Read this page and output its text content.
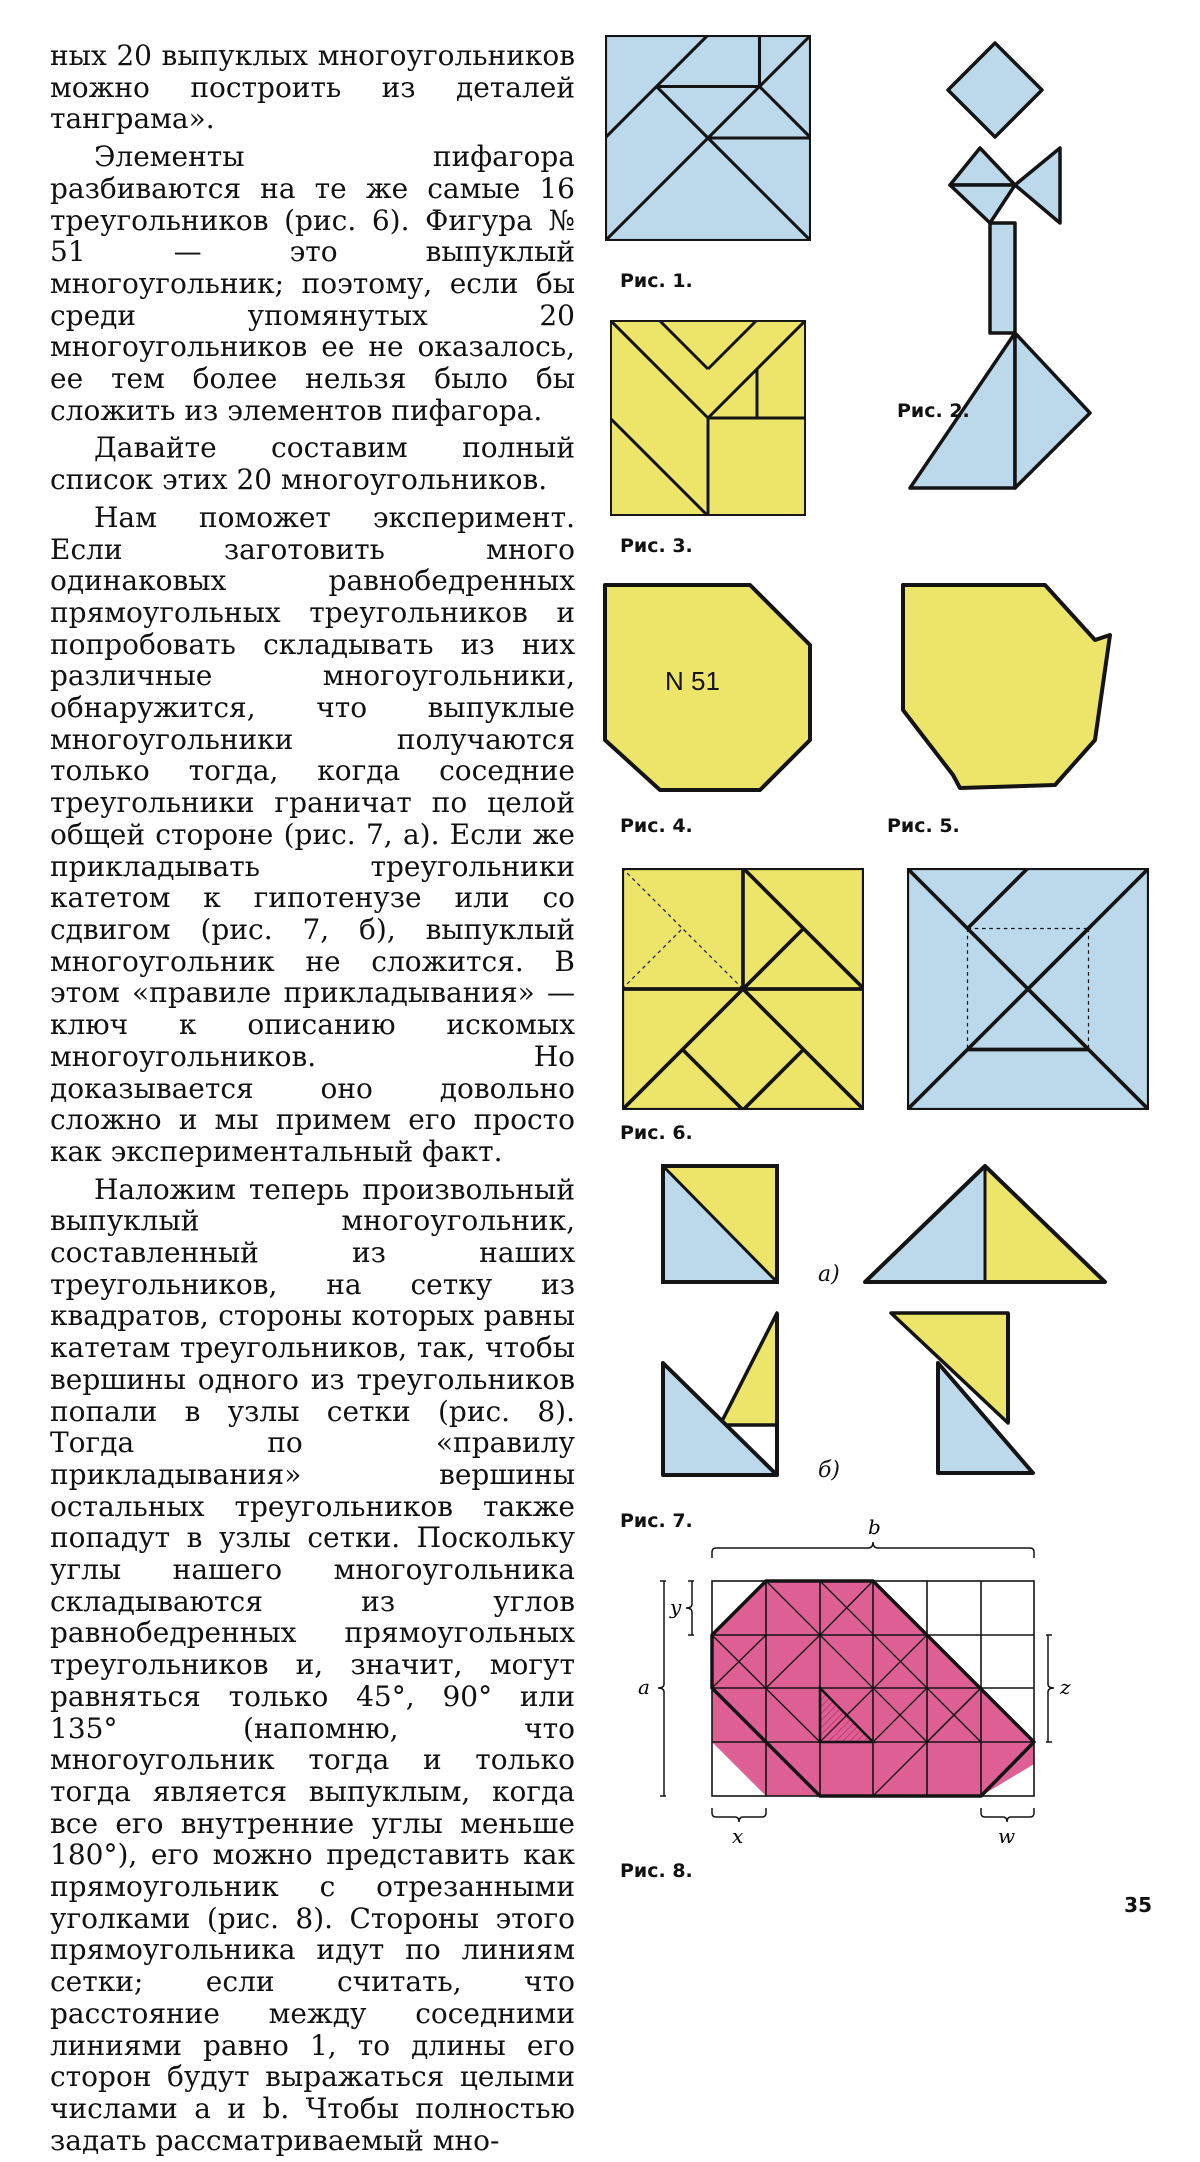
ных 20 выпуклых многоугольников можно построить из деталей танграма».

Элементы пифагора разбиваются на те же самые 16 треугольников (рис. 6). Фигура № 51 — это выпуклый многоугольник; поэтому, если бы среди упомянутых 20 многоугольников ее не оказалось, ее тем более нельзя было бы сложить из элементов пифагора.

Давайте составим полный список этих 20 многоугольников.

Нам поможет эксперимент. Если заготовить много одинаковых равнобедренных прямоугольных треугольников и попробовать складывать из них различные многоугольники, обнаружится, что выпуклые многоугольники получаются только тогда, когда соседние треугольники граничат по целой общей стороне (рис. 7, а). Если же прикладывать треугольники катетом к гипотенузе или со сдвигом (рис. 7, б), выпуклый многоугольник не сложится. В этом «правиле прикладывания» — ключ к описанию искомых многоугольников. Но доказывается оно довольно сложно и мы примем его просто как экспериментальный факт.

Наложим теперь произвольный выпуклый многоугольник, составленный из наших треугольников, на сетку из квадратов, стороны которых равны катетам треугольников, так, чтобы вершины одного из треугольников попали в узлы сетки (рис. 8). Тогда по «правилу прикладывания» вершины остальных треугольников также попадут в узлы сетки. Поскольку углы нашего многоугольника складываются из углов равнобедренных прямоугольных треугольников и, значит, могут равняться только 45°, 90° или 135° (напомню, что многоугольник тогда и только тогда является выпуклым, когда все его внутренние углы меньше 180°), его можно представить как прямоугольник с отрезанными уголками (рис. 8). Стороны этого прямоугольника идут по линиям сетки; если считать, что расстояние между соседними линиями равно 1, то длины его сторон будут выражаться целыми числами a и b. Чтобы полностью задать рассматриваемый мно-

Рис. 1.
Рис. 2.
Рис. 3.
N 51
Рис. 4.	Рис. 5.
Рис. 6.
а)
б)
Рис. 7.	b
y
a	z
x	w
Рис. 8.
35
